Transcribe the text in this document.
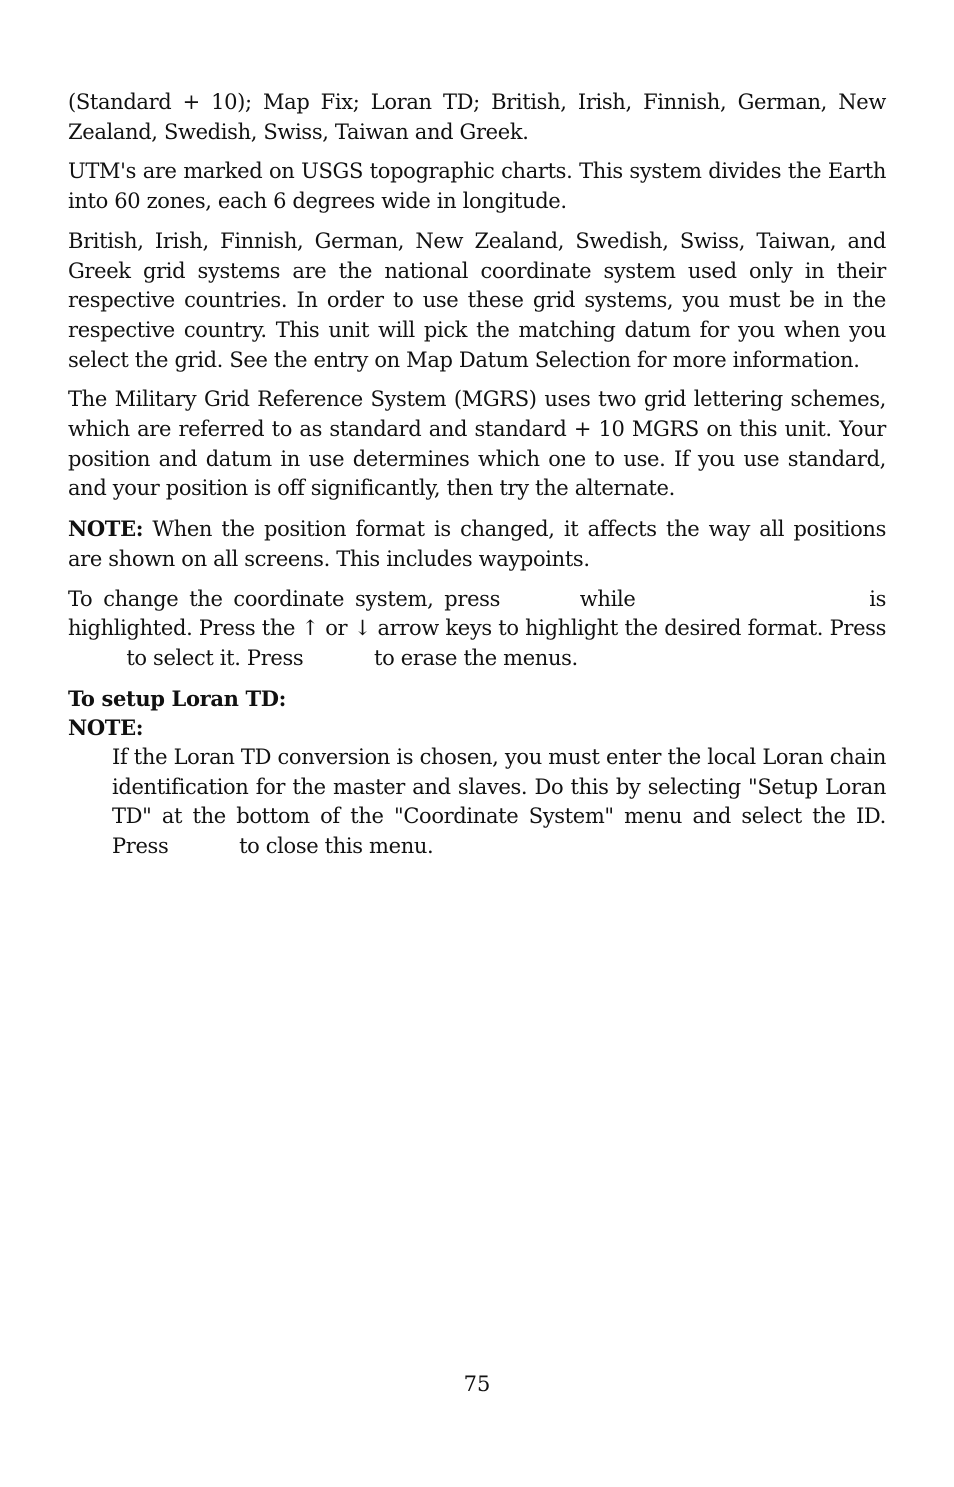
(Standard + 10); Map Fix; Loran TD; British, Irish, Finnish, German, New Zealand, Swedish, Swiss, Taiwan and Greek.

UTM's are marked on USGS topographic charts. This system divides the Earth into 60 zones, each 6 degrees wide in longitude.

British, Irish, Finnish, German, New Zealand, Swedish, Swiss, Taiwan, and Greek grid systems are the national coordinate system used only in their respective countries. In order to use these grid systems, you must be in the respective country. This unit will pick the matching datum for you when you select the grid. See the entry on Map Datum Selection for more information.

The Military Grid Reference System (MGRS) uses two grid lettering schemes, which are referred to as standard and standard + 10 MGRS on this unit. Your position and datum in use determines which one to use. If you use standard, and your position is off significantly, then try the alternate.

NOTE: When the position format is changed, it affects the way all positions are shown on all screens. This includes waypoints.

To change the coordinate system, press	while	is highlighted. Press the ↑ or ↓ arrow keys to highlight the desired format. Press  to select it. Press	to erase the menus.

To setup Loran TD:

NOTE:

If the Loran TD conversion is chosen, you must enter the local Loran chain identification for the master and slaves. Do this by selecting "Setup Loran TD" at the bottom of the "Coordinate System" menu and select the ID. Press	to close this menu.

75
